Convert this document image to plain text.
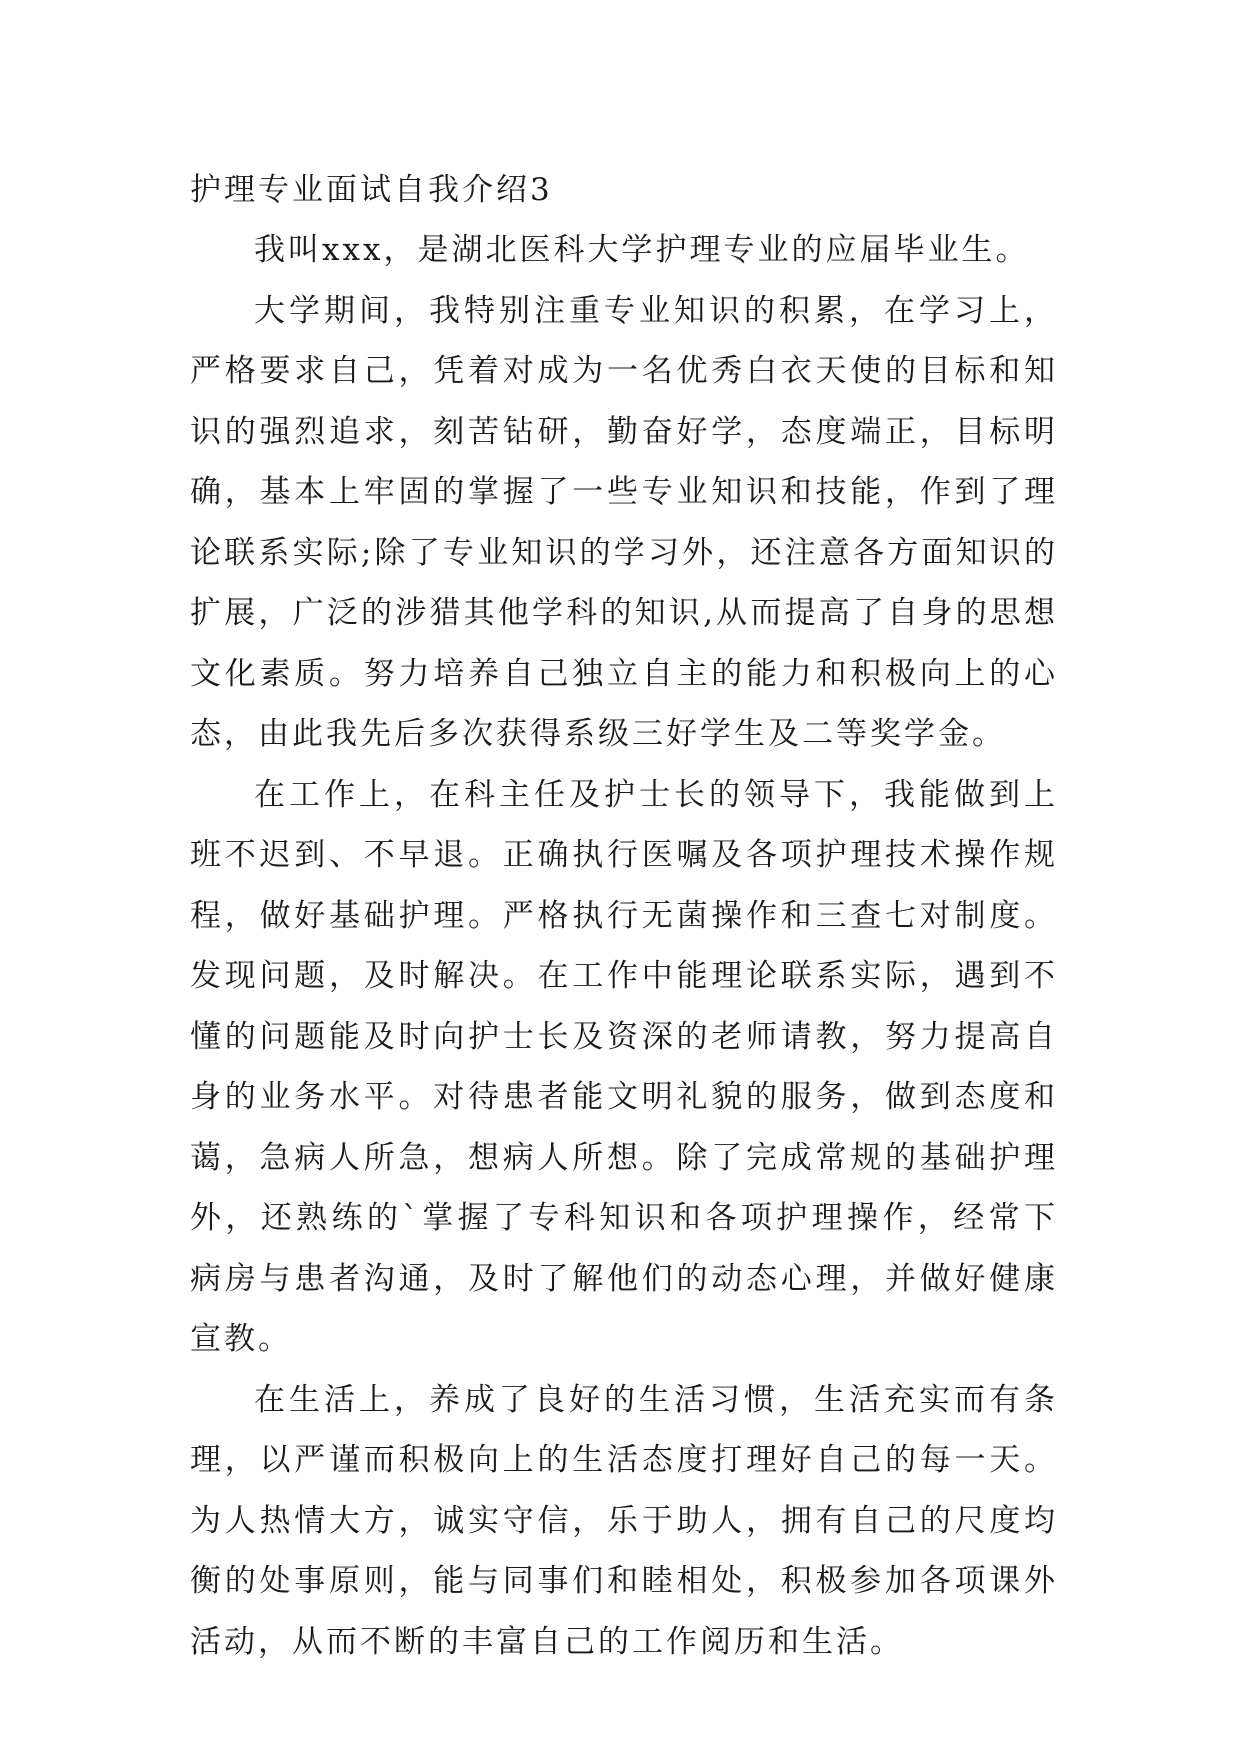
护理专业面试自我介绍3

我叫xxx，是湖北医科大学护理专业的应届毕业生。

大学期间，我特别注重专业知识的积累，在学习上，严格要求自己，凭着对成为一名优秀白衣天使的目标和知识的强烈追求，刻苦钻研，勤奋好学，态度端正，目标明确，基本上牢固的掌握了一些专业知识和技能，作到了理论联系实际;除了专业知识的学习外，还注意各方面知识的扩展，广泛的涉猎其他学科的知识,从而提高了自身的思想文化素质。努力培养自己独立自主的能力和积极向上的心态，由此我先后多次获得系级三好学生及二等奖学金。

在工作上，在科主任及护士长的领导下，我能做到上班不迟到、不早退。正确执行医嘱及各项护理技术操作规程，做好基础护理。严格执行无菌操作和三查七对制度。发现问题，及时解决。在工作中能理论联系实际，遇到不懂的问题能及时向护士长及资深的老师请教，努力提高自身的业务水平。对待患者能文明礼貌的服务，做到态度和蔼，急病人所急，想病人所想。除了完成常规的基础护理外，还熟练的`掌握了专科知识和各项护理操作，经常下病房与患者沟通，及时了解他们的动态心理，并做好健康宣教。

在生活上，养成了良好的生活习惯，生活充实而有条理，以严谨而积极向上的生活态度打理好自己的每一天。为人热情大方，诚实守信，乐于助人，拥有自己的尺度均衡的处事原则，能与同事们和睦相处，积极参加各项课外活动，从而不断的丰富自己的工作阅历和生活。
